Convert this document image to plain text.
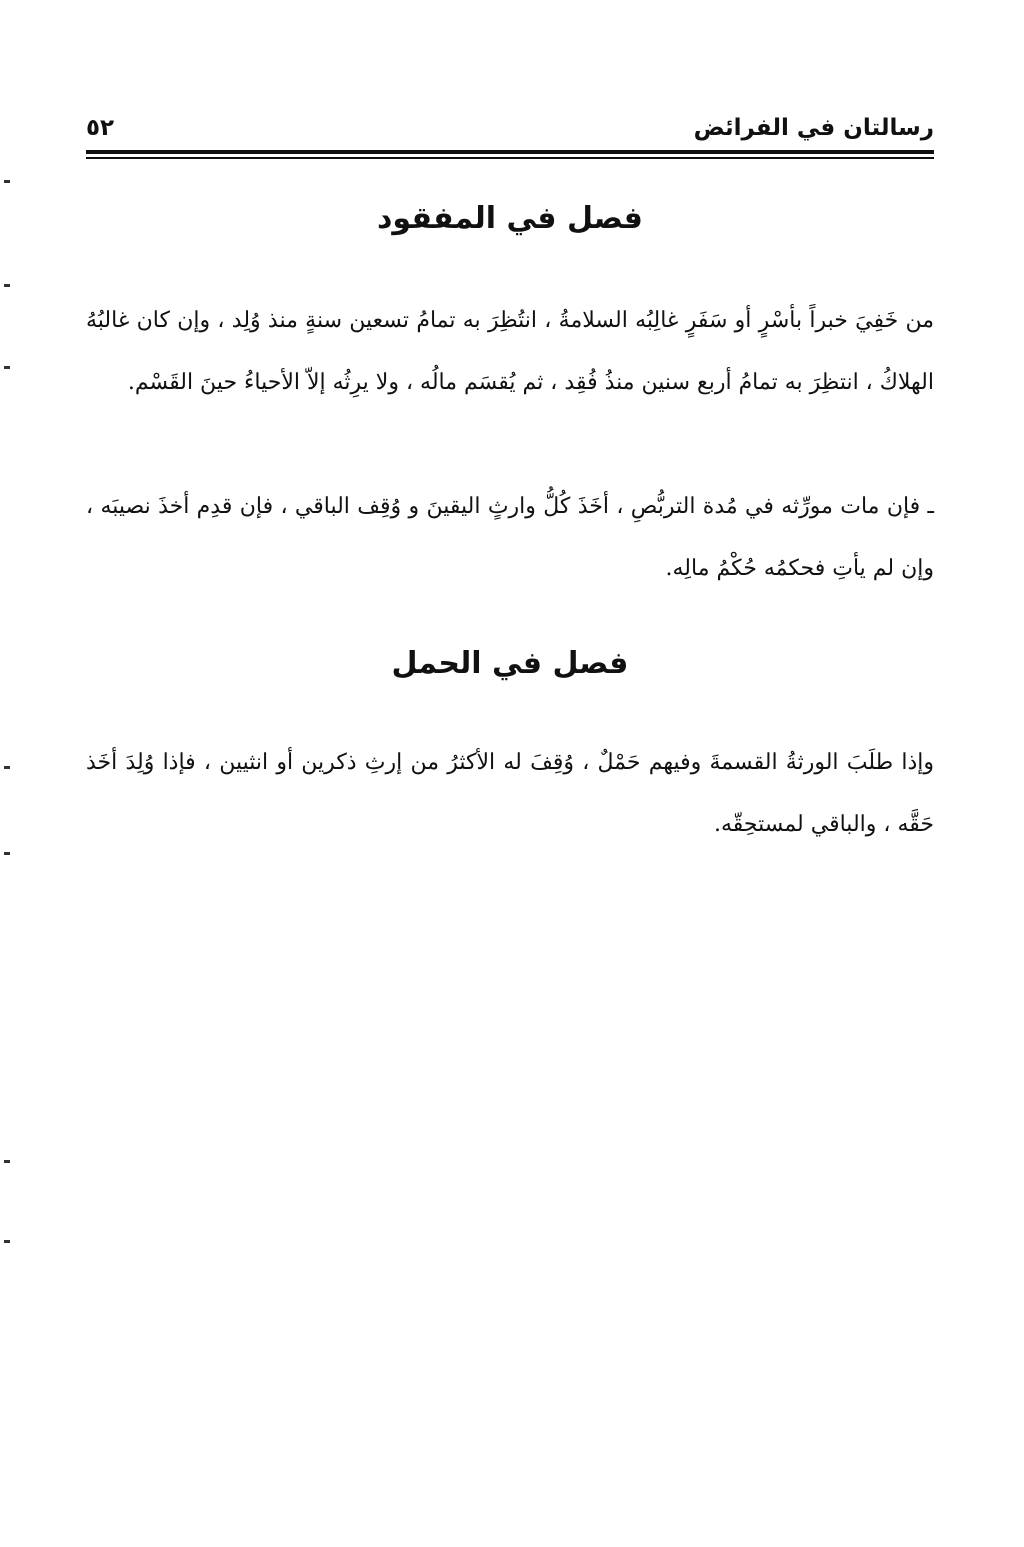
رسالتان في الفرائض
٥٢
فصل في المفقود

من خَفِيَ خبراً بأسْرٍ أو سَفَرٍ غالِبُه السلامةُ ، انتُظِرَ به تمامُ تسعين سنةٍ منذ وُلِد ، وإن كان غالبُهُ الهلاكُ ، انتظِرَ به تمامُ أربع سنين منذُ فُقِد ، ثم يُقسَم مالُه ، ولا يرِثُه إلاّ الأحياءُ حينَ القَسْم.

ـ فإن مات مورِّثه في مُدة التربُّصِ ، أخَذَ كُلُّ وارثٍ اليقينَ و وُقِف الباقي ، فإن قدِم أخذَ نصيبَه ، وإن لم يأتِ فحكمُه حُكْمُ مالِه.

فصل في الحمل

وإذا طلَبَ الورثةُ القسمةَ وفيهم حَمْلٌ ، وُقِفَ له الأكثرُ من إرثِ ذكرين أو انثيين ، فإذا وُلِدَ أخَذ حَقَّه ، والباقي لمستحِقّه.
